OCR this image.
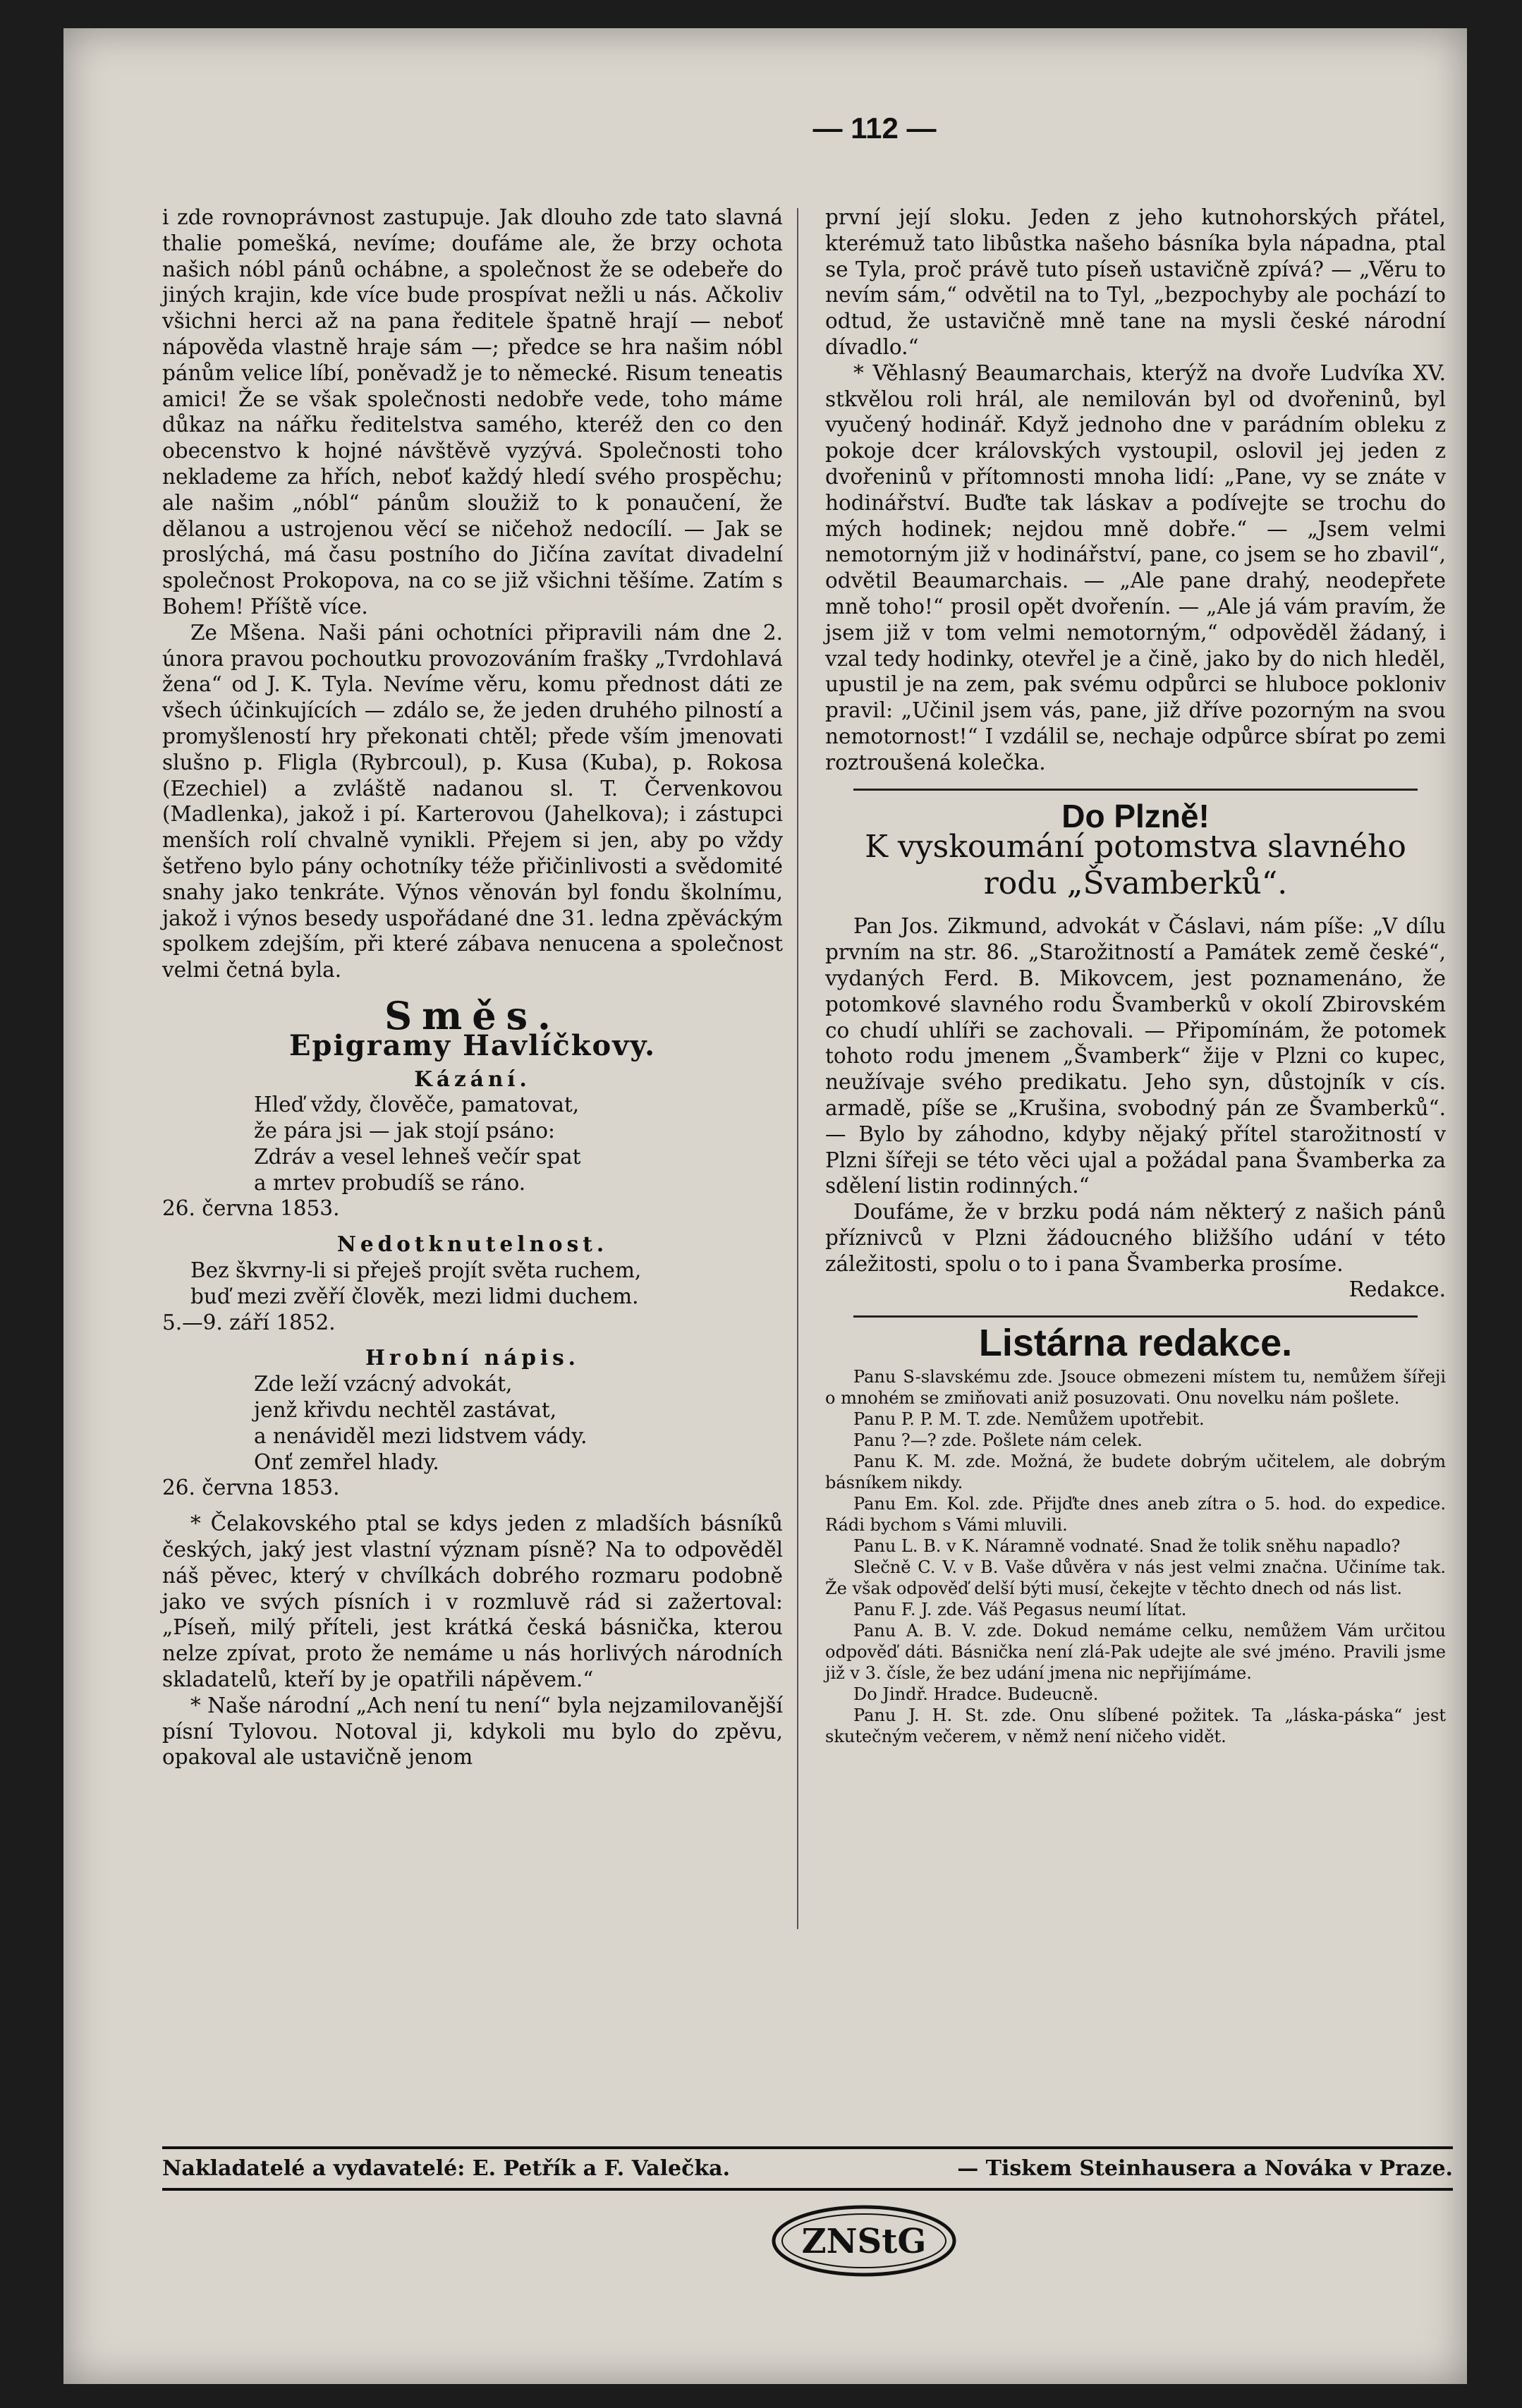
— 112 —

i zde rovnoprávnost zastupuje. Jak dlouho zde tato slavná thalie pomešká, nevíme; doufáme ale, že brzy ochota našich nóbl pánů ochábne, a společnost že se odebeře do jiných krajin, kde více bude prospívat nežli u nás. Ačkoliv všichni herci až na pana ředitele špatně hrají — neboť nápověda vlastně hraje sám —; předce se hra našim nóbl pánům velice líbí, poněvadž je to německé. Risum teneatis amici! Že se však společnosti nedobře vede, toho máme důkaz na nářku ředitelstva samého, kteréž den co den obecenstvo k hojné návštěvě vyzývá. Společnosti toho neklademe za hřích, neboť každý hledí svého prospěchu; ale našim „nóbl“ pánům sloužiž to k ponaučení, že dělanou a ustrojenou věcí se ničehož nedocílí. — Jak se proslýchá, má času postního do Jičína zavítat divadelní společnost Prokopova, na co se již všichni těšíme. Zatím s Bohem! Příště více.

Ze Mšena. Naši páni ochotníci připravili nám dne 2. února pravou pochoutku provozováním frašky „Tvrdohlavá žena“ od J. K. Tyla. Nevíme věru, komu přednost dáti ze všech účinkujících — zdálo se, že jeden druhého pilností a promyšleností hry překonati chtěl; přede vším jmenovati slušno p. Fligla (Rybrcoul), p. Kusa (Kuba), p. Rokosa (Ezechiel) a zvláště nadanou sl. T. Červenkovou (Madlenka), jakož i pí. Karterovou (Jahelkova); i zástupci menších rolí chvalně vynikli. Přejem si jen, aby po vždy šetřeno bylo pány ochotníky téže přičinlivosti a svědomité snahy jako tenkráte. Výnos věnován byl fondu školnímu, jakož i výnos besedy uspořádané dne 31. ledna zpěváckým spolkem zdejším, při které zábava nenucena a společnost velmi četná byla.

Směs.
Epigramy Havlíčkovy.
Kázání.
Hleď vždy, člověče, pamatovat,
že pára jsi — jak stojí psáno:
Zdráv a vesel lehneš večír spat
a mrtev probudíš se ráno.
26. června 1853.
Nedotknutelnost.
Bez škvrny-li si přeješ projít světa ruchem,
buď mezi zvěří člověk, mezi lidmi duchem.
5.—9. září 1852.
Hrobní nápis.
Zde leží vzácný advokát,
jenž křivdu nechtěl zastávat,
a nenáviděl mezi lidstvem vády.
Onť zemřel hlady.
26. června 1853.

* Čelakovského ptal se kdys jeden z mladších básníků českých, jaký jest vlastní význam písně? Na to odpověděl náš pěvec, který v chvílkách dobrého rozmaru podobně jako ve svých písních i v rozmluvě rád si zažertoval: „Píseň, milý příteli, jest krátká česká básnička, kterou nelze zpívat, proto že nemáme u nás horlivých národních skladatelů, kteří by je opatřili nápěvem.“

* Naše národní „Ach není tu není“ byla nejzamilovanější písní Tylovou. Notoval ji, kdykoli mu bylo do zpěvu, opakoval ale ustavičně jenom

první její sloku. Jeden z jeho kutnohorských přátel, kterémuž tato libůstka našeho básníka byla nápadna, ptal se Tyla, proč právě tuto píseň ustavičně zpívá? — „Věru to nevím sám,“ odvětil na to Tyl, „bezpochyby ale pochází to odtud, že ustavičně mně tane na mysli české národní dívadlo.“

* Věhlasný Beaumarchais, kterýž na dvoře Ludvíka XV. stkvělou roli hrál, ale nemilován byl od dvořeninů, byl vyučený hodinář. Když jednoho dne v parádním obleku z pokoje dcer královských vystoupil, oslovil jej jeden z dvořeninů v přítomnosti mnoha lidí: „Pane, vy se znáte v hodinářství. Buďte tak láskav a podívejte se trochu do mých hodinek; nejdou mně dobře.“ — „Jsem velmi nemotorným již v hodinářství, pane, co jsem se ho zbavil“, odvětil Beaumarchais. — „Ale pane drahý, neodepřete mně toho!“ prosil opět dvořenín. — „Ale já vám pravím, že jsem již v tom velmi nemotorným,“ odpověděl žádaný, i vzal tedy hodinky, otevřel je a čině, jako by do nich hleděl, upustil je na zem, pak svému odpůrci se hluboce pokloniv pravil: „Učinil jsem vás, pane, již dříve pozorným na svou nemotornost!“ I vzdálil se, nechaje odpůrce sbírat po zemi roztroušená kolečka.

Do Plzně!
K vyskoumání potomstva slavného rodu „Švamberků“.

Pan Jos. Zikmund, advokát v Čáslavi, nám píše: „V dílu prvním na str. 86. „Starožitností a Památek země české“, vydaných Ferd. B. Mikovcem, jest poznamenáno, že potomkové slavného rodu Švamberků v okolí Zbirovském co chudí uhlíři se zachovali. — Připomínám, že potomek tohoto rodu jmenem „Švamberk“ žije v Plzni co kupec, neužívaje svého predikatu. Jeho syn, důstojník v cís. armadě, píše se „Krušina, svobodný pán ze Švamberků“. — Bylo by záhodno, kdyby nějaký přítel starožitností v Plzni šířeji se této věci ujal a požádal pana Švamberka za sdělení listin rodinných.“

Doufáme, že v brzku podá nám některý z našich pánů příznivců v Plzni žádoucného bližšího udání v této záležitosti, spolu o to i pana Švamberka prosíme.

Redakce.
Listárna redakce.

Panu S-slavskému zde. Jsouce obmezeni místem tu, nemůžem šířeji o mnohém se zmiňovati aniž posuzovati. Onu novelku nám pošlete.

Panu P. P. M. T. zde. Nemůžem upotřebit.

Panu ?—? zde. Pošlete nám celek.

Panu K. M. zde. Možná, že budete dobrým učitelem, ale dobrým básníkem nikdy.

Panu Em. Kol. zde. Přijďte dnes aneb zítra o 5. hod. do expedice. Rádi bychom s Vámi mluvili.

Panu L. B. v K. Náramně vodnaté. Snad že tolik sněhu napadlo?

Slečně C. V. v B. Vaše důvěra v nás jest velmi značna. Učiníme tak. Že však odpověď delší býti musí, čekejte v těchto dnech od nás list.

Panu F. J. zde. Váš Pegasus neumí lítat.

Panu A. B. V. zde. Dokud nemáme celku, nemůžem Vám určitou odpověď dáti. Básnička není zlá-Pak udejte ale své jméno. Pravili jsme již v 3. čísle, že bez udání jmena nic nepřijímáme.

Do Jindř. Hradce. Budeucně.

Panu J. H. St. zde. Onu slíbené požitek. Ta „láska-páska“ jest skutečným večerem, v němž není ničeho vidět.

Nakladatelé a vydavatelé: E. Petřík a F. Valečka.	— Tiskem Steinhausera a Nováka v Praze.
ZNStG
